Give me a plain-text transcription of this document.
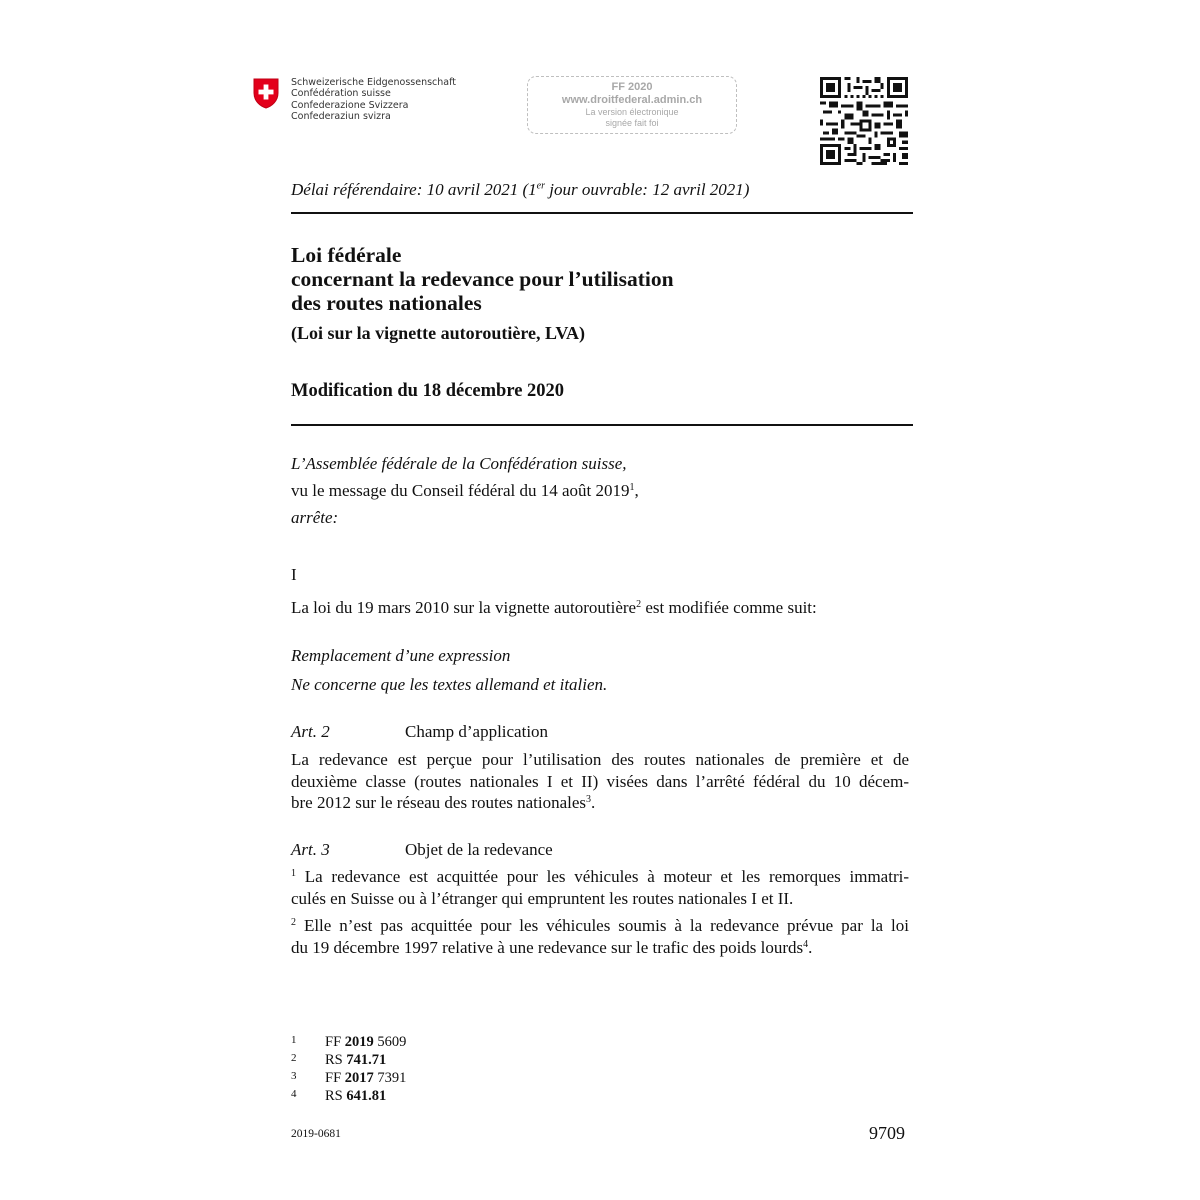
Schweizerische Eidgenossenschaft
Confédération suisse
Confederazione Svizzera
Confederaziun svizra
FF 2020
www.droitfederal.admin.ch
La version électronique
signée fait foi
Délai référendaire: 10 avril 2021 (1er jour ouvrable: 12 avril 2021)
Loi fédérale
concernant la redevance pour l’utilisation
des routes nationales
(Loi sur la vignette autoroutière, LVA)
Modification du 18 décembre 2020
L’Assemblée fédérale de la Confédération suisse,
vu le message du Conseil fédéral du 14 août 2019$^1$,
arrête:
I
La loi du 19 mars 2010 sur la vignette autoroutière$^2$ est modifiée comme suit:
Remplacement d’une expression
Ne concerne que les textes allemand et italien.
Art. 2	Champ d’application
La redevance est perçue pour l’utilisation des routes nationales de première et de
deuxième classe (routes nationales I et II) visées dans l’arrêté fédéral du 10 décem-
bre 2012 sur le réseau des routes nationales$^3$.
Art. 3	Objet de la redevance
$^1$ La redevance est acquittée pour les véhicules à moteur et les remorques immatri-
culés en Suisse ou à l’étranger qui empruntent les routes nationales I et II.
$^2$ Elle n’est pas acquittée pour les véhicules soumis à la redevance prévue par la loi
du 19 décembre 1997 relative à une redevance sur le trafic des poids lourds$^4$.
1 FF 2019 5609
2 RS 741.71
3 FF 2017 7391
4 RS 641.81
2019-0681	9709
